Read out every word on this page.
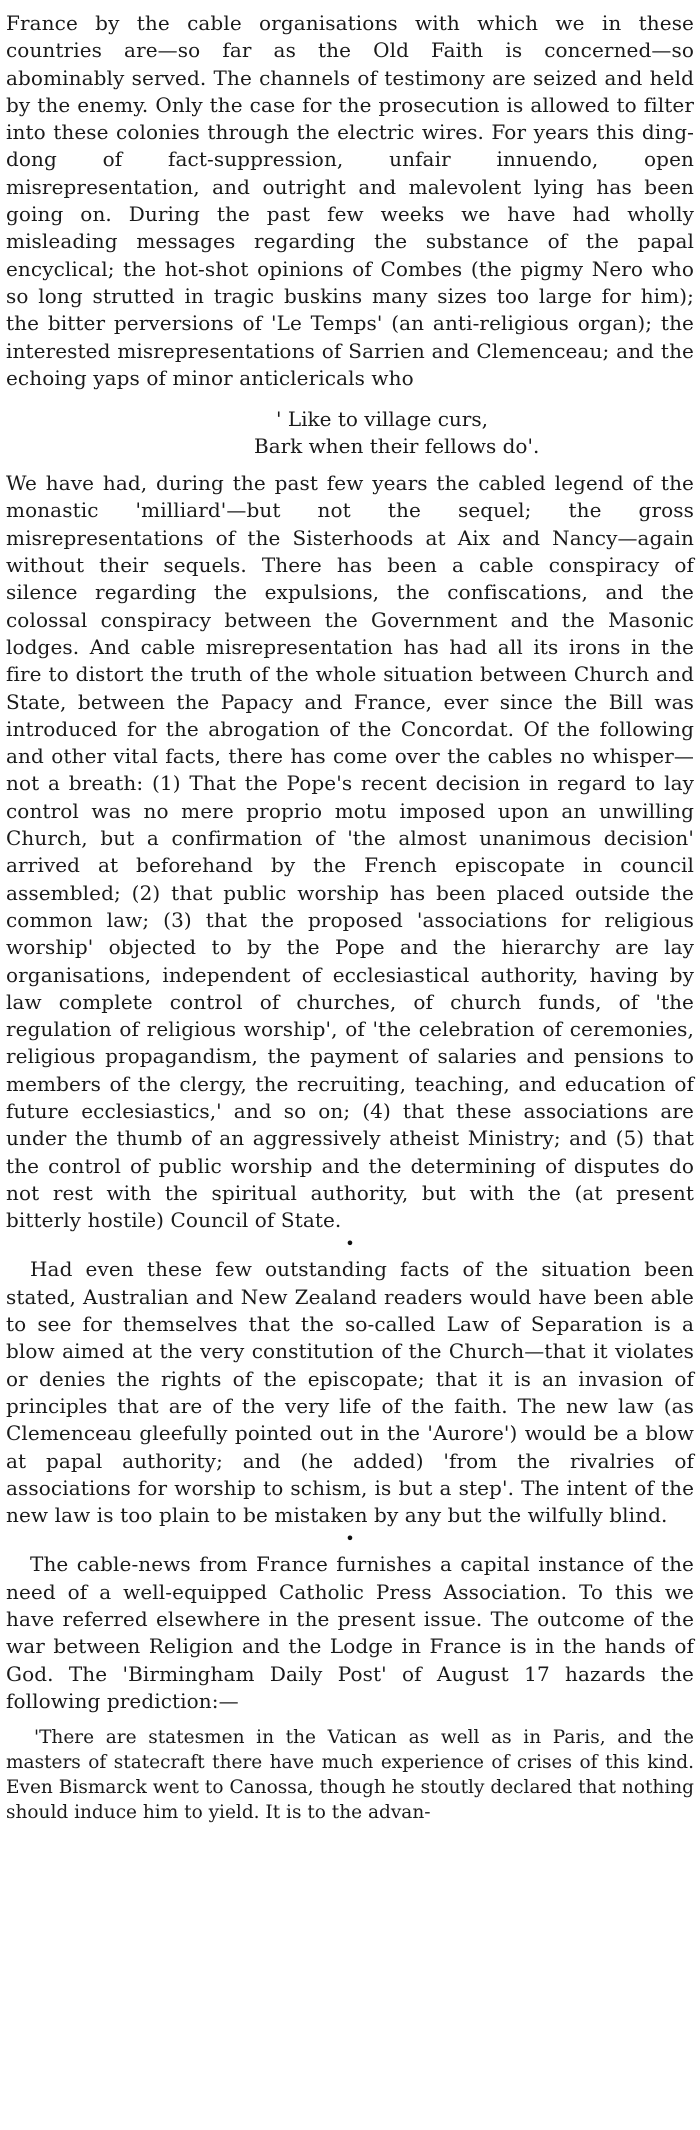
France by the cable organisations with which we in these countries are—so far as the Old Faith is concerned—so abominably served. The channels of testimony are seized and held by the enemy. Only the case for the prosecution is allowed to filter into these colonies through the electric wires. For years this ding-dong of fact-suppression, unfair innuendo, open misrepresentation, and outright and malevolent lying has been going on. During the past few weeks we have had wholly misleading messages regarding the substance of the papal encyclical; the hot-shot opinions of Combes (the pigmy Nero who so long strutted in tragic buskins many sizes too large for him); the bitter perversions of 'Le Temps' (an anti-religious organ); the interested misrepresentations of Sarrien and Clemenceau; and the echoing yaps of minor anticlericals who

' Like to village curs,
Bark when their fellows do'.

We have had, during the past few years the cabled legend of the monastic 'milliard'—but not the sequel; the gross misrepresentations of the Sisterhoods at Aix and Nancy—again without their sequels. There has been a cable conspiracy of silence regarding the expulsions, the confiscations, and the colossal conspiracy between the Government and the Masonic lodges. And cable misrepresentation has had all its irons in the fire to distort the truth of the whole situation between Church and State, between the Papacy and France, ever since the Bill was introduced for the abrogation of the Concordat. Of the following and other vital facts, there has come over the cables no whisper—not a breath: (1) That the Pope's recent decision in regard to lay control was no mere proprio motu imposed upon an unwilling Church, but a confirmation of 'the almost unanimous decision' arrived at beforehand by the French episcopate in council assembled; (2) that public worship has been placed outside the common law; (3) that the proposed 'associations for religious worship' objected to by the Pope and the hierarchy are lay organisations, independent of ecclesiastical authority, having by law complete control of churches, of church funds, of 'the regulation of religious worship', of 'the celebration of ceremonies, religious propagandism, the payment of salaries and pensions to members of the clergy, the recruiting, teaching, and education of future ecclesiastics,' and so on; (4) that these associations are under the thumb of an aggressively atheist Ministry; and (5) that the control of public worship and the determining of disputes do not rest with the spiritual authority, but with the (at present bitterly hostile) Council of State.

•

Had even these few outstanding facts of the situation been stated, Australian and New Zealand readers would have been able to see for themselves that the so-called Law of Separation is a blow aimed at the very constitution of the Church—that it violates or denies the rights of the episcopate; that it is an invasion of principles that are of the very life of the faith. The new law (as Clemenceau gleefully pointed out in the 'Aurore') would be a blow at papal authority; and (he added) 'from the rivalries of associations for worship to schism, is but a step'. The intent of the new law is too plain to be mistaken by any but the wilfully blind.

•

The cable-news from France furnishes a capital instance of the need of a well-equipped Catholic Press Association. To this we have referred elsewhere in the present issue. The outcome of the war between Religion and the Lodge in France is in the hands of God. The 'Birmingham Daily Post' of August 17 hazards the following prediction:—

'There are statesmen in the Vatican as well as in Paris, and the masters of statecraft there have much experience of crises of this kind. Even Bismarck went to Canossa, though he stoutly declared that nothing should induce him to yield. It is to the advan-
